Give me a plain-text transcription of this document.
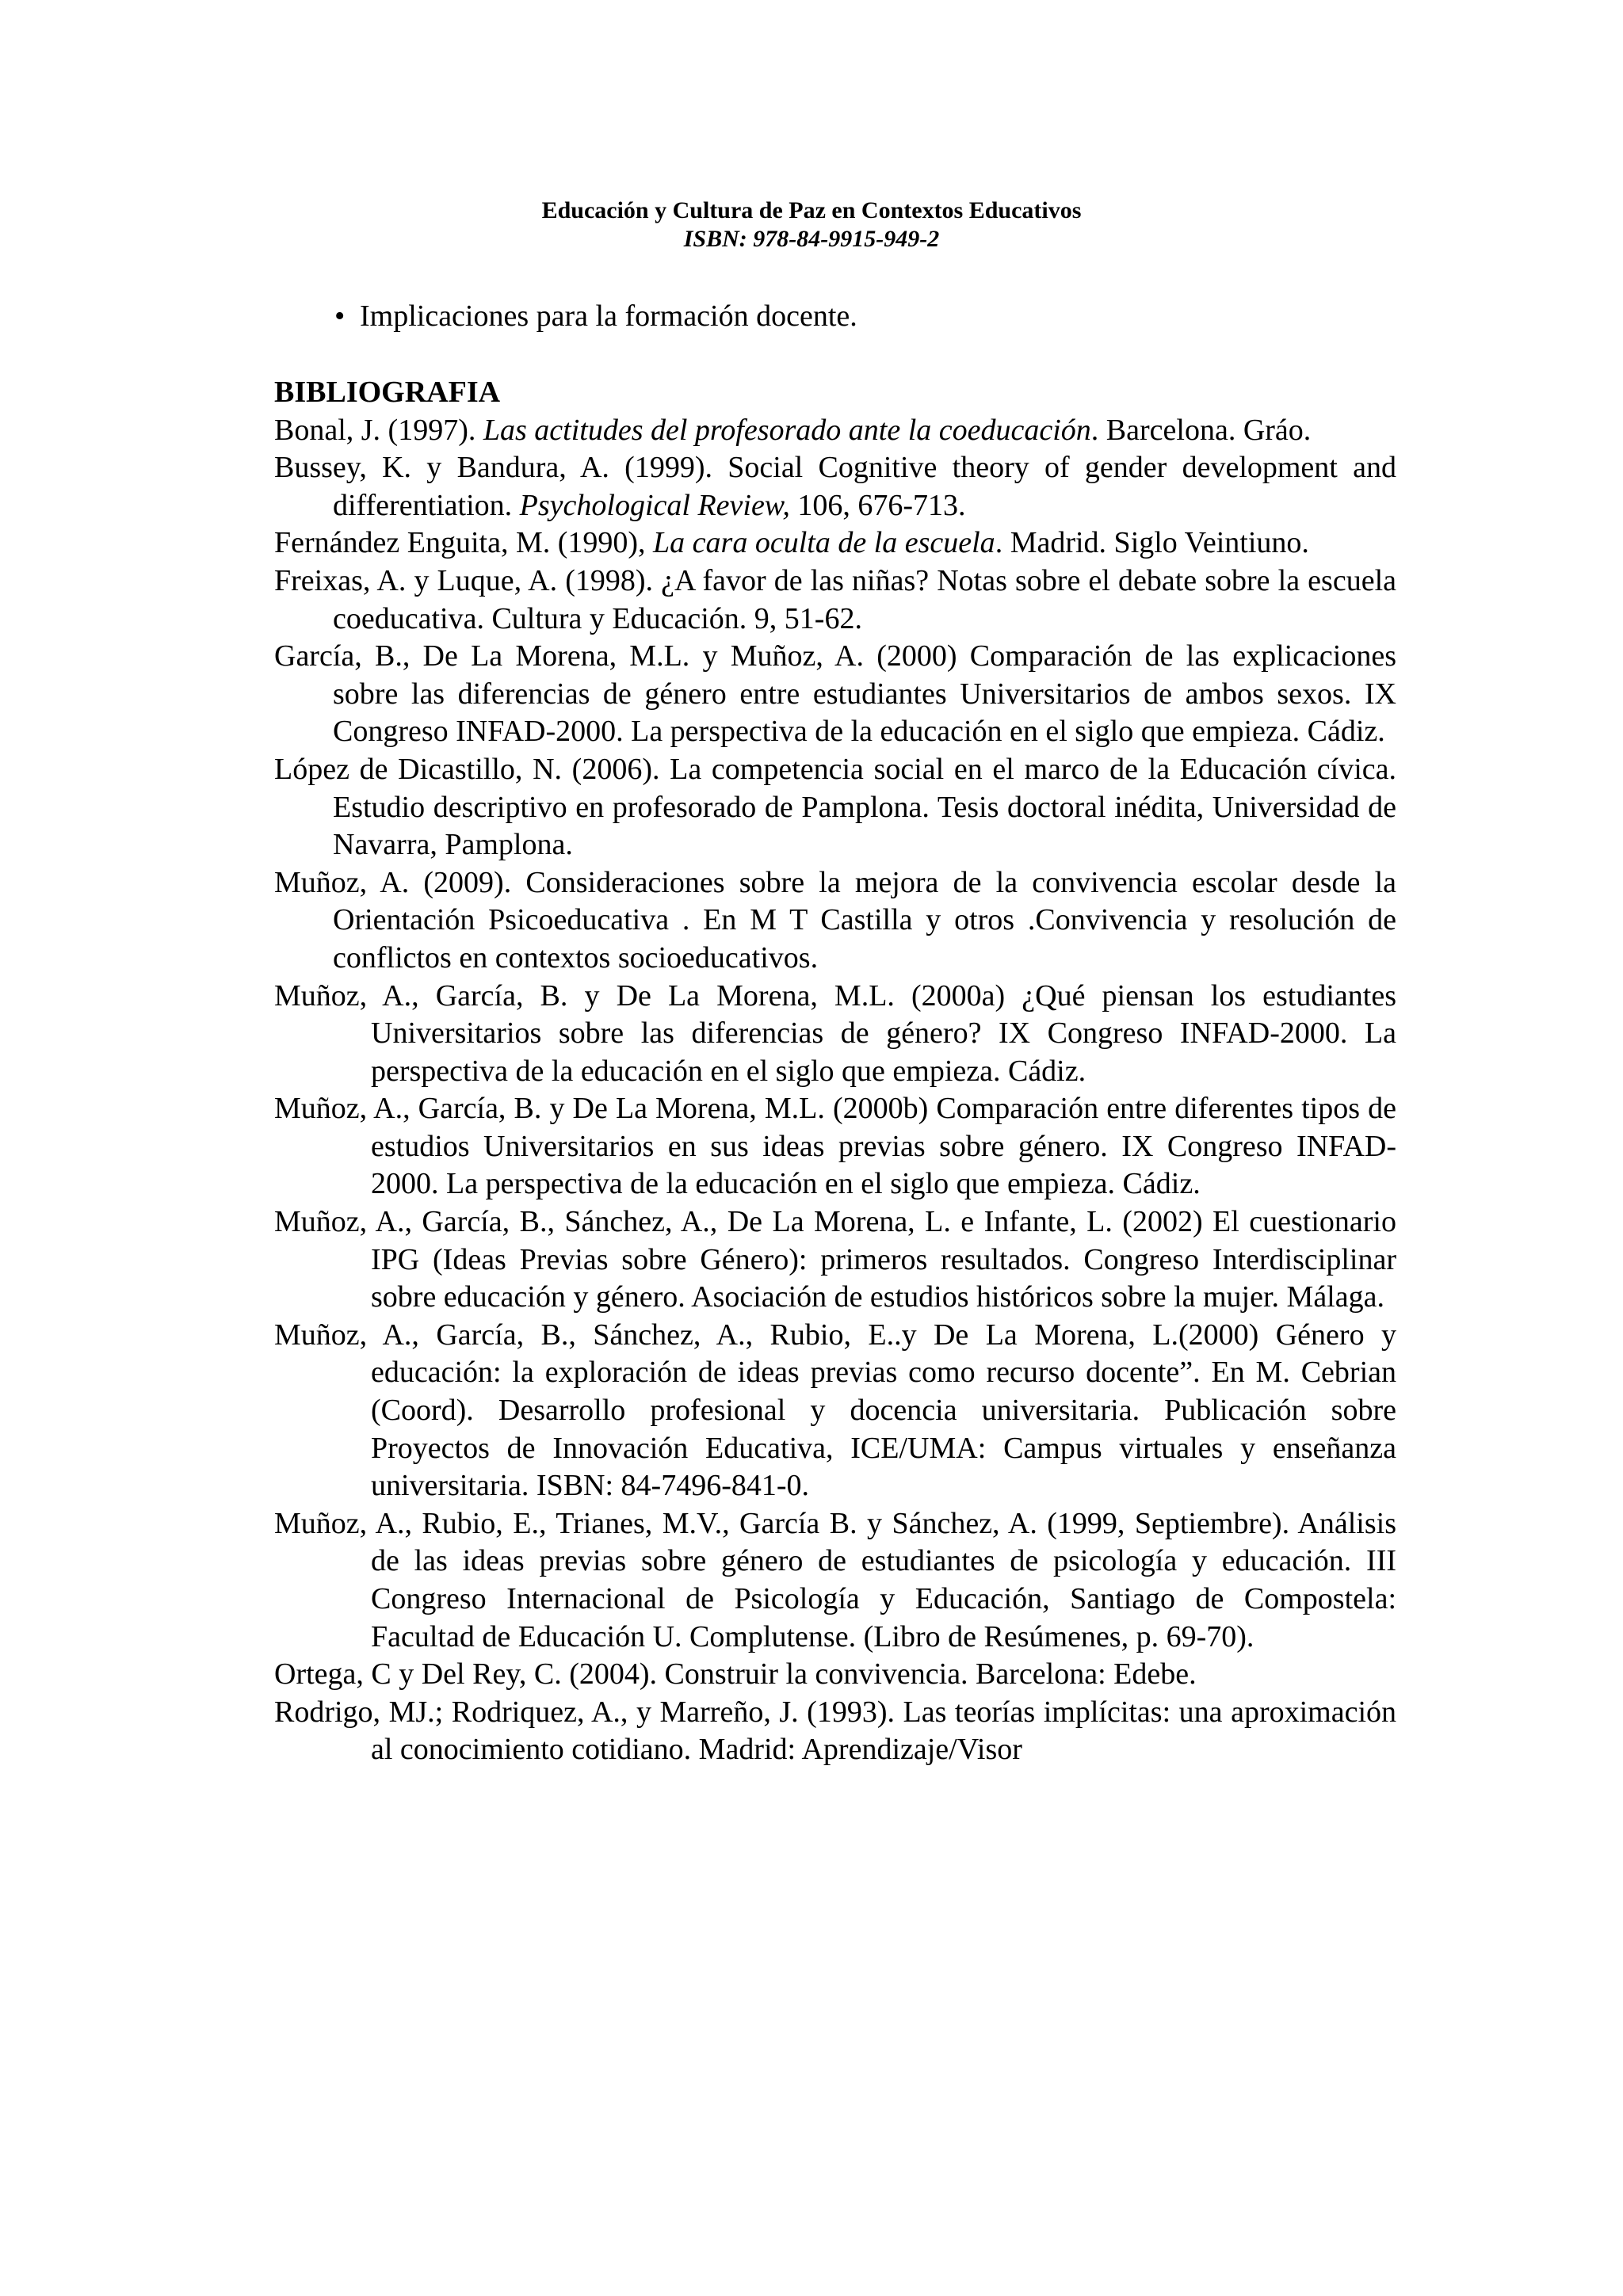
Educación y Cultura de Paz en Contextos Educativos
ISBN: 978-84-9915-949-2
• Implicaciones para la formación docente.

BIBLIOGRAFIA

Bonal, J. (1997). Las actitudes del profesorado ante la coeducación. Barcelona. Gráo.

Bussey, K. y Bandura, A. (1999). Social Cognitive theory of gender development and differentiation. Psychological Review, 106, 676-713.

Fernández Enguita, M. (1990), La cara oculta de la escuela. Madrid. Siglo Veintiuno.

Freixas, A. y Luque, A. (1998). ¿A favor de las niñas? Notas sobre el debate sobre la escuela coeducativa. Cultura y Educación. 9, 51-62.

García, B., De La Morena, M.L. y Muñoz, A. (2000) Comparación de las explicaciones sobre las diferencias de género entre estudiantes Universitarios de ambos sexos. IX Congreso INFAD-2000. La perspectiva de la educación en el siglo que empieza. Cádiz.

López de Dicastillo, N. (2006). La competencia social en el marco de la Educación cívica. Estudio descriptivo en profesorado de Pamplona. Tesis doctoral inédita, Universidad de Navarra, Pamplona.

Muñoz, A. (2009). Consideraciones sobre la mejora de la convivencia escolar desde la Orientación Psicoeducativa . En M T Castilla y otros .Convivencia y resolución de conflictos en contextos socioeducativos.

Muñoz, A., García, B. y De La Morena, M.L. (2000a) ¿Qué piensan los estudiantes Universitarios sobre las diferencias de género? IX Congreso INFAD-2000. La perspectiva de la educación en el siglo que empieza. Cádiz.

Muñoz, A., García, B. y De La Morena, M.L. (2000b) Comparación entre diferentes tipos de estudios Universitarios en sus ideas previas sobre género. IX Congreso INFAD-2000. La perspectiva de la educación en el siglo que empieza. Cádiz.

Muñoz, A., García, B., Sánchez, A., De La Morena, L. e Infante, L. (2002) El cuestionario IPG (Ideas Previas sobre Género): primeros resultados. Congreso Interdisciplinar sobre educación y género. Asociación de estudios históricos sobre la mujer. Málaga.

Muñoz, A., García, B., Sánchez, A., Rubio, E..y De La Morena, L.(2000) Género y educación: la exploración de ideas previas como recurso docente”. En M. Cebrian (Coord). Desarrollo profesional y docencia universitaria. Publicación sobre Proyectos de Innovación Educativa, ICE/UMA: Campus virtuales y enseñanza universitaria. ISBN: 84-7496-841-0.

Muñoz, A., Rubio, E., Trianes, M.V., García B. y Sánchez, A. (1999, Septiembre). Análisis de las ideas previas sobre género de estudiantes de psicología y educación. III Congreso Internacional de Psicología y Educación, Santiago de Compostela: Facultad de Educación U. Complutense. (Libro de Resúmenes, p. 69-70).

Ortega, C y Del Rey, C. (2004). Construir la convivencia. Barcelona: Edebe.

Rodrigo, MJ.; Rodriquez, A., y Marreño, J. (1993). Las teorías implícitas: una aproximación al conocimiento cotidiano. Madrid: Aprendizaje/Visor
